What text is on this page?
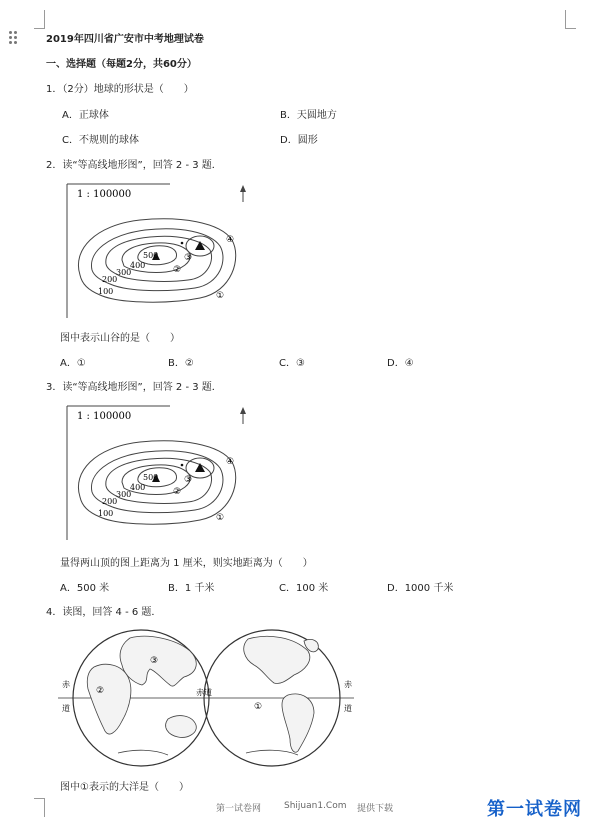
2019年四川省广安市中考地理试卷
一、选择题（每题2分，共60分）
1．（2分）地球的形状是（　　）
A．正球体	B．天圆地方
C．不规则的球体	D．圆形
2．读“等高线地形图”，回答 2 - 3 题．
1 : 100000
500
400
300
200
100
④
①
②
③
图中表示山谷的是（　　）
A．①	B．②	C．③	D．④
3．读“等高线地形图”，回答 2 - 3 题．
1 : 100000
500
400
300
200
100
④
①
②
③
量得两山顶的图上距离为 1 厘米，则实地距离为（　　）
A．500 米	B．1 千米	C．100 米	D．1000 千米
4．读图，回答 4 - 6 题．
赤
道
赤道
赤
道
①
②
③
图中①表示的大洋是（　　）
第一试卷网	Shijuan1.Com 提供下载	第一试卷网
